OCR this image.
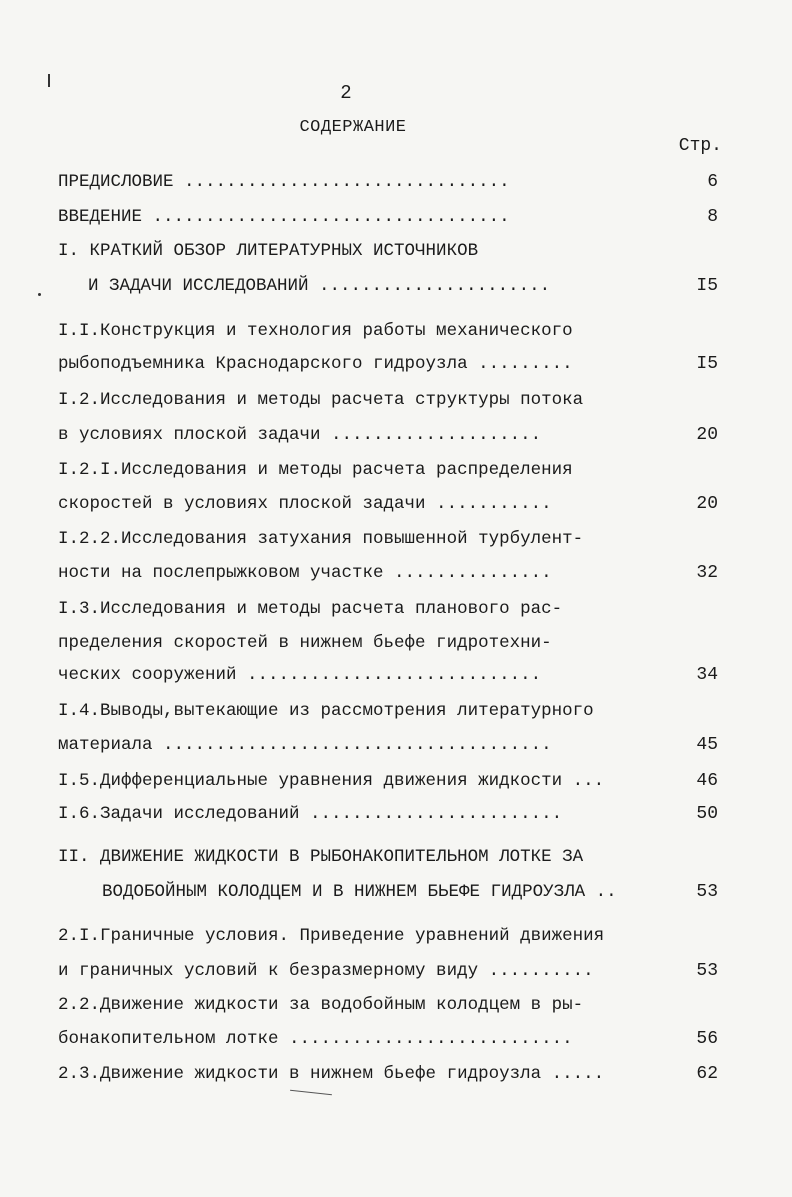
2
СОДЕРЖАНИЕ
Стр.
ПРЕДИСЛОВИЕ ...............................	6
ВВЕДЕНИЕ ..................................	8
I. КРАТКИЙ ОБЗОР ЛИТЕРАТУРНЫХ ИСТОЧНИКОВ
И ЗАДАЧИ ИССЛЕДОВАНИЙ ......................	I5
I.I.Конструкция и технология работы механического
рыбоподъемника Краснодарского гидроузла .........	I5
I.2.Исследования и методы расчета структуры потока
в условиях плоской задачи ....................	20
I.2.I.Исследования и методы расчета распределения
скоростей в условиях плоской задачи ...........	20
I.2.2.Исследования затухания повышенной турбулент-
ности на послепрыжковом участке ...............	32
I.3.Исследования и методы расчета планового рас-
пределения скоростей в нижнем бьефе гидротехни-
ческих сооружений ............................	34
I.4.Выводы,вытекающие из рассмотрения литературного
материала .....................................	45
I.5.Дифференциальные уравнения движения жидкости ...	46
I.6.Задачи исследований ........................	50
II. ДВИЖЕНИЕ ЖИДКОСТИ В РЫБОНАКОПИТЕЛЬНОМ ЛОТКЕ ЗА
ВОДОБОЙНЫМ КОЛОДЦЕМ И В НИЖНЕМ БЬЕФЕ ГИДРОУЗЛА ..	53
2.I.Граничные условия. Приведение уравнений движения
и граничных условий к безразмерному виду ..........	53
2.2.Движение жидкости за водобойным колодцем в ры-
бонакопительном лотке ...........................	56
2.3.Движение жидкости в нижнем бьефе гидроузла .....	62
